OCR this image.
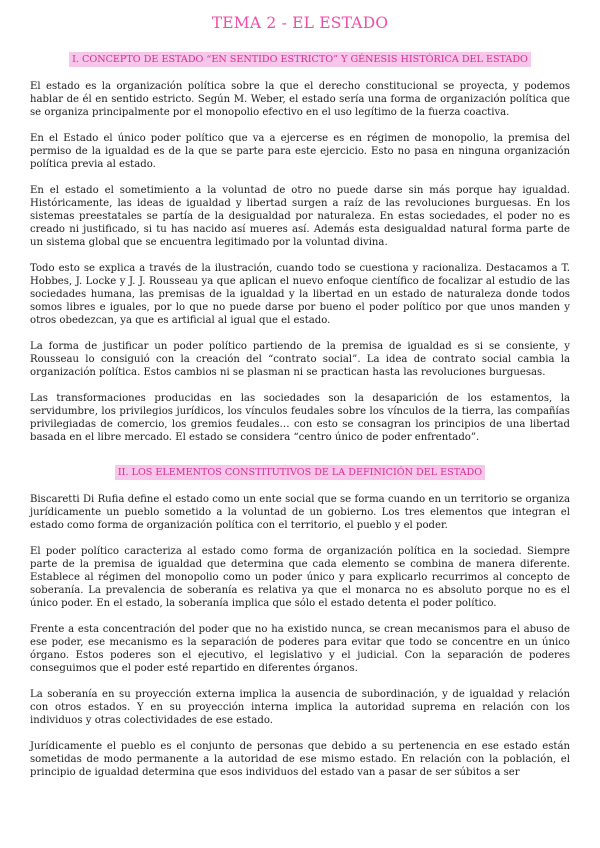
TEMA 2 - EL ESTADO
I. CONCEPTO DE ESTADO “EN SENTIDO ESTRICTO” Y GÉNESIS HISTÓRICA DEL ESTADO

El estado es la organización política sobre la que el derecho constitucional se proyecta, y podemos hablar de él en sentido estricto. Según M. Weber, el estado sería una forma de organización política que se organiza principalmente por el monopolio efectivo en el uso legítimo de la fuerza coactiva.

En el Estado el único poder político que va a ejercerse es en régimen de monopolio, la premisa del permiso de la igualdad es de la que se parte para este ejercicio. Esto no pasa en ninguna organización política previa al estado.

En el estado el sometimiento a la voluntad de otro no puede darse sin más porque hay igualdad. Históricamente, las ideas de igualdad y libertad surgen a raíz de las revoluciones burguesas. En los sistemas preestatales se partía de la desigualdad por naturaleza. En estas sociedades, el poder no es creado ni justificado, si tu has nacido así mueres así. Además esta desigualdad natural forma parte de un sistema global que se encuentra legitimado por la voluntad divina.

Todo esto se explica a través de la ilustración, cuando todo se cuestiona y racionaliza. Destacamos a T. Hobbes, J. Locke y J. J. Rousseau ya que aplican el nuevo enfoque científico de focalizar al estudio de las sociedades humana, las premisas de la igualdad y la libertad en un estado de naturaleza donde todos somos libres e iguales, por lo que no puede darse por bueno el poder político por que unos manden y otros obedezcan, ya que es artificial al igual que el estado.

La forma de justificar un poder político partiendo de la premisa de igualdad es si se consiente, y Rousseau lo consiguió con la creación del “contrato social”. La idea de contrato social cambia la organización política. Estos cambios ni se plasman ni se practican hasta las revoluciones burguesas.

Las transformaciones producidas en las sociedades son la desaparición de los estamentos, la servidumbre, los privilegios jurídicos, los vínculos feudales sobre los vínculos de la tierra, las compañías privilegiadas de comercio, los gremios feudales… con esto se consagran los principios de una libertad basada en el libre mercado. El estado se considera “centro único de poder enfrentado”.

II. LOS ELEMENTOS CONSTITUTIVOS DE LA DEFINICIÓN DEL ESTADO

Biscaretti Di Rufia define el estado como un ente social que se forma cuando en un territorio se organiza jurídicamente un pueblo sometido a la voluntad de un gobierno. Los tres elementos que integran el estado como forma de organización política con el territorio, el pueblo y el poder.

El poder político caracteriza al estado como forma de organización política en la sociedad. Siempre parte de la premisa de igualdad que determina que cada elemento se combina de manera diferente. Establece al régimen del monopolio como un poder único y para explicarlo recurrimos al concepto de soberanía. La prevalencia de soberanía es relativa ya que el monarca no es absoluto porque no es el único poder. En el estado, la soberanía implica que sólo el estado detenta el poder político.

Frente a esta concentración del poder que no ha existido nunca, se crean mecanismos para el abuso de ese poder, ese mecanismo es la separación de poderes para evitar que todo se concentre en un único órgano. Estos poderes son el ejecutivo, el legislativo y el judicial. Con la separación de poderes conseguimos que el poder esté repartido en diferentes órganos.

La soberanía en su proyección externa implica la ausencia de subordinación, y de igualdad y relación con otros estados. Y en su proyección interna implica la autoridad suprema en relación con los individuos y otras colectividades de ese estado.

Jurídicamente el pueblo es el conjunto de personas que debido a su pertenencia en ese estado están sometidas de modo permanente a la autoridad de ese mismo estado. En relación con la población, el principio de igualdad determina que esos individuos del estado van a pasar de ser súbitos a ser
